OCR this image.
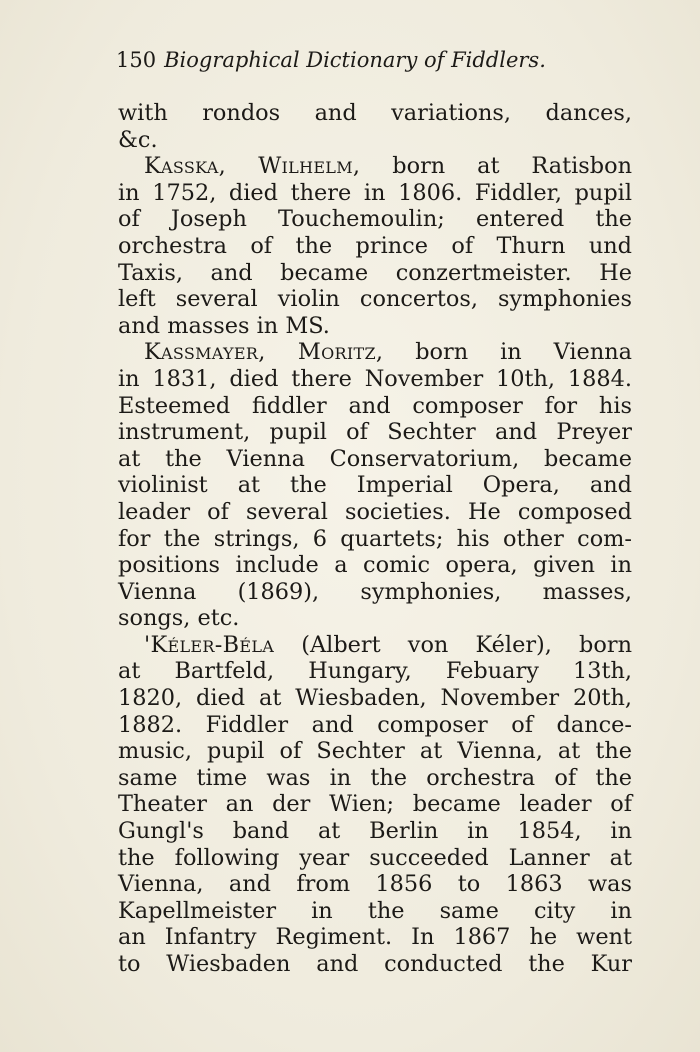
150 Biographical Dictionary of Fiddlers.
with rondos and variations, dances,
&c.
Kasska, Wilhelm, born at Ratisbon
in 1752, died there in 1806. Fiddler, pupil
of Joseph Touchemoulin; entered the
orchestra of the prince of Thurn und
Taxis, and became conzertmeister. He
left several violin concertos, symphonies
and masses in MS.
Kassmayer, Moritz, born in Vienna
in 1831, died there November 10th, 1884.
Esteemed fiddler and composer for his
instrument, pupil of Sechter and Preyer
at the Vienna Conservatorium, became
violinist at the Imperial Opera, and
leader of several societies. He composed
for the strings, 6 quartets; his other com-
positions include a comic opera, given in
Vienna (1869), symphonies, masses,
songs, etc.
'Kéler-Béla (Albert von Kéler), born
at Bartfeld, Hungary, Febuary 13th,
1820, died at Wiesbaden, November 20th,
1882. Fiddler and composer of dance-
music, pupil of Sechter at Vienna, at the
same time was in the orchestra of the
Theater an der Wien; became leader of
Gungl's band at Berlin in 1854, in
the following year succeeded Lanner at
Vienna, and from 1856 to 1863 was
Kapellmeister in the same city in
an Infantry Regiment. In 1867 he went
to Wiesbaden and conducted the Kur
